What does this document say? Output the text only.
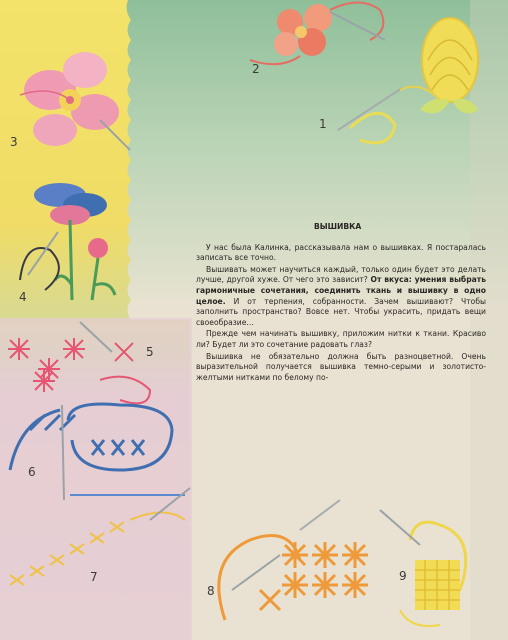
1
2
3
4
5
6
7
8
9
ВЫШИВКА

У нас была Калинка, рассказывала нам о вышивках. Я постаралась записать все точно.

Вышивать может научиться каждый, только один будет это делать лучше, другой хуже. От чего это зависит? От вкуса: умения выбрать гармоничные сочетания, соединить ткань и вышивку в одно целое. И от терпения, собранности. Зачем вышивают? Чтобы заполнить пространство? Вовсе нет. Чтобы украсить, придать вещи своеобразие...

Прежде чем начинать вышивку, приложим нитки к ткани. Красиво ли? Будет ли это сочетание радовать глаз?

Вышивка не обязательно должна быть разноцветной. Очень выразительной получается вышивка темно-серыми и золотисто-желтыми нитками по белому по-
